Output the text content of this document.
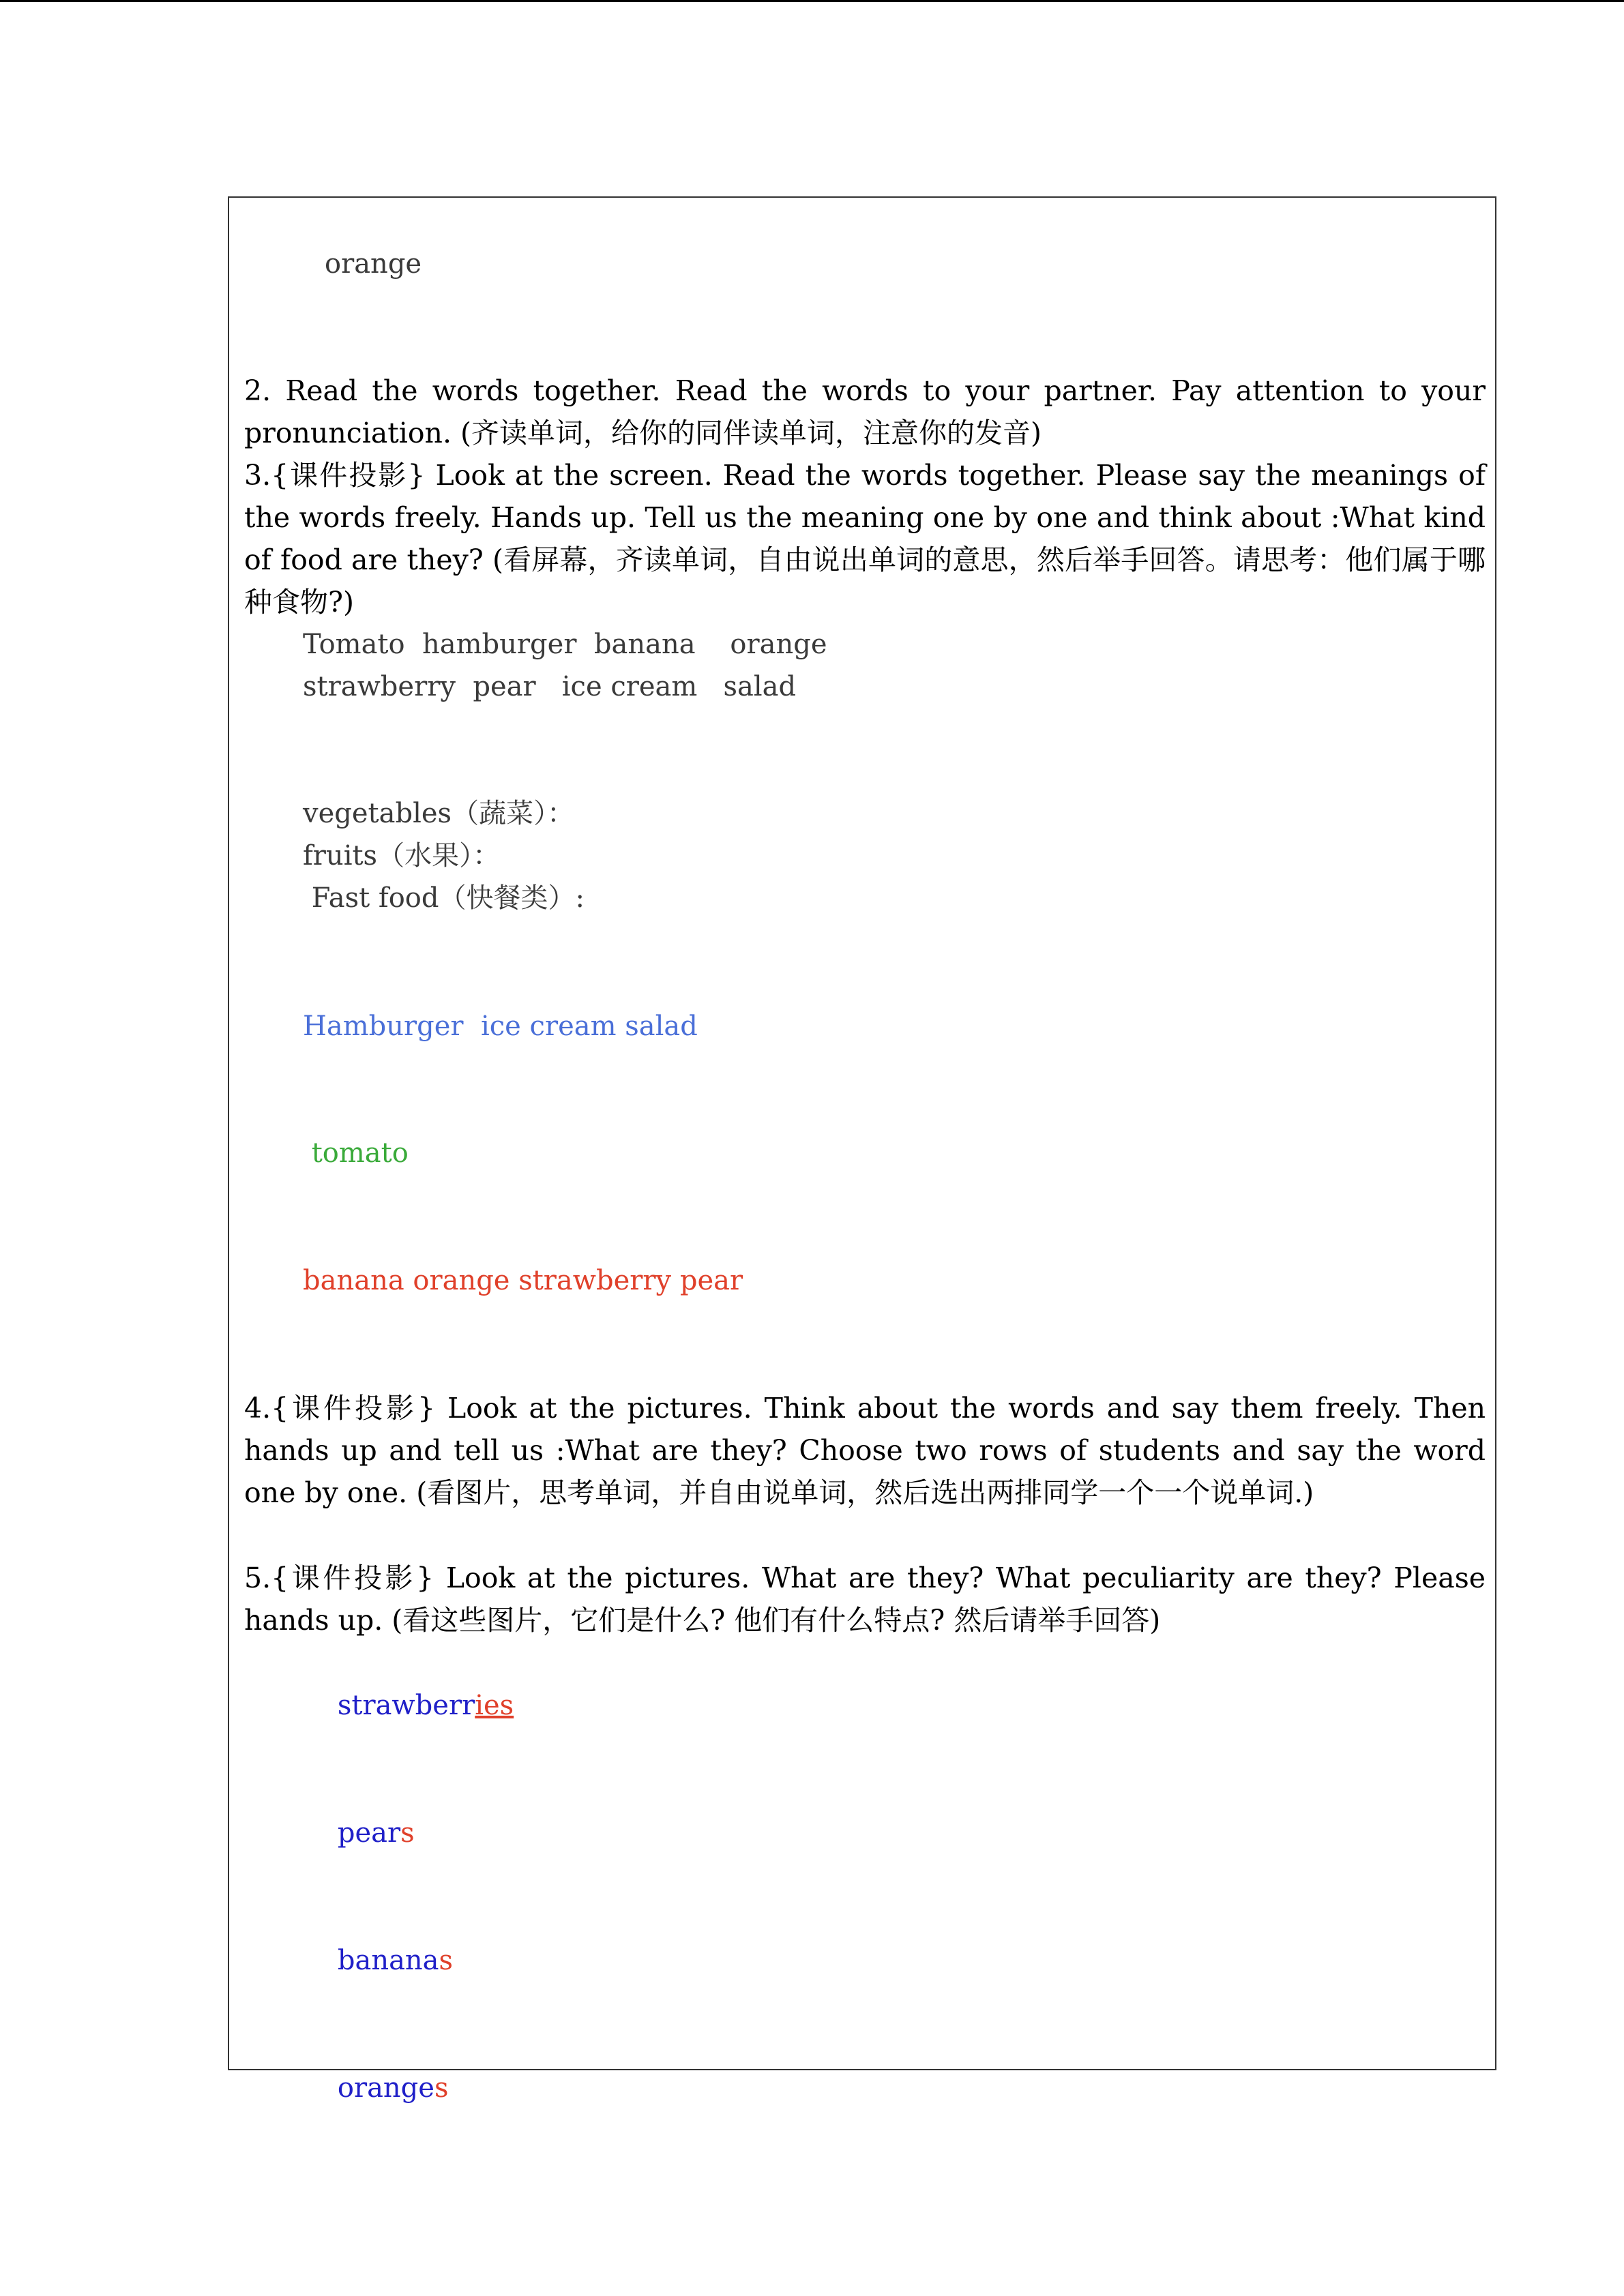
orange
2. Read the words together. Read the words to your partner. Pay attention to your pronunciation. (齐读单词，给你的同伴读单词，注意你的发音)
3.{课件投影} Look at the screen. Read the words together. Please say the meanings of the words freely. Hands up. Tell us the meaning one by one and think about :What kind of food are they? (看屏幕，齐读单词，自由说出单词的意思，然后举手回答。请思考：他们属于哪种食物?)
Tomato  hamburger  banana    orange
strawberry  pear   ice cream   salad
vegetables（蔬菜）：
fruits（水果）：
Fast food（快餐类）:
Hamburger  ice cream salad
tomato
banana orange strawberry pear
4.{课件投影} Look at the pictures. Think about the words and say them freely. Then hands up and tell us :What are they? Choose two rows of students and say the word one by one. (看图片，思考单词，并自由说单词，然后选出两排同学一个一个说单词.)
5.{课件投影} Look at the pictures. What are they? What peculiarity are they? Please hands up. (看这些图片，它们是什么? 他们有什么特点? 然后请举手回答)

strawberries

pears

bananas

oranges
